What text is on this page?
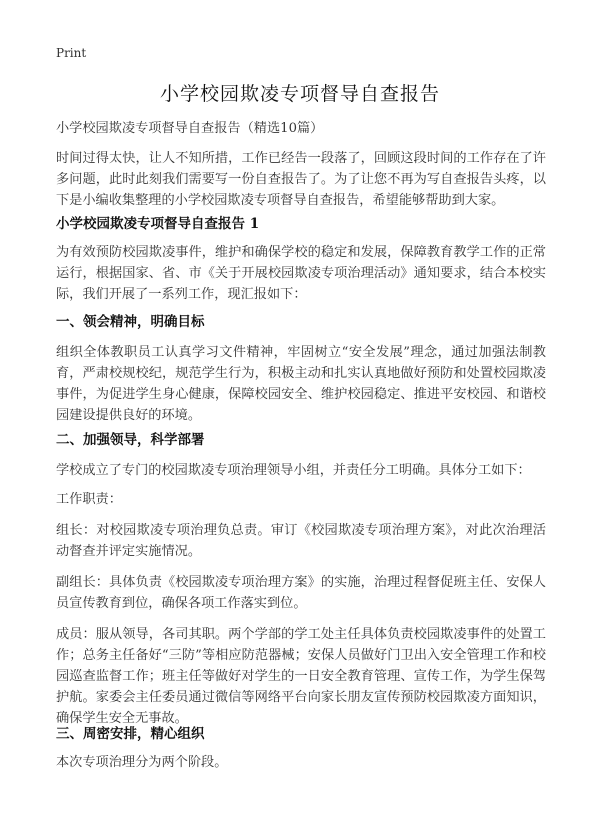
Print
小学校园欺凌专项督导自查报告

小学校园欺凌专项督导自查报告（精选10篇）

时间过得太快，让人不知所措，工作已经告一段落了，回顾这段时间的工作存在了许多问题，此时此刻我们需要写一份自查报告了。为了让您不再为写自查报告头疼，以下是小编收集整理的小学校园欺凌专项督导自查报告，希望能够帮助到大家。

小学校园欺凌专项督导自查报告 1

为有效预防校园欺凌事件，维护和确保学校的稳定和发展，保障教育教学工作的正常运行，根据国家、省、市《关于开展校园欺凌专项治理活动》通知要求，结合本校实际，我们开展了一系列工作，现汇报如下：

一、领会精神，明确目标

组织全体教职员工认真学习文件精神，牢固树立“安全发展”理念，通过加强法制教育，严肃校规校纪，规范学生行为，积极主动和扎实认真地做好预防和处置校园欺凌事件，为促进学生身心健康，保障校园安全、维护校园稳定、推进平安校园、和谐校园建设提供良好的环境。

二、加强领导，科学部署

学校成立了专门的校园欺凌专项治理领导小组，并责任分工明确。具体分工如下：

工作职责：

组长：对校园欺凌专项治理负总责。审订《校园欺凌专项治理方案》，对此次治理活动督查并评定实施情况。

副组长：具体负责《校园欺凌专项治理方案》的实施，治理过程督促班主任、安保人员宣传教育到位，确保各项工作落实到位。

成员：服从领导，各司其职。两个学部的学工处主任具体负责校园欺凌事件的处置工作；总务主任备好“三防”等相应防范器械；安保人员做好门卫出入安全管理工作和校园巡查监督工作；班主任等做好对学生的一日安全教育管理、宣传工作，为学生保驾护航。家委会主任委员通过微信等网络平台向家长朋友宣传预防校园欺凌方面知识，确保学生安全无事故。

三、周密安排，精心组织

本次专项治理分为两个阶段。
